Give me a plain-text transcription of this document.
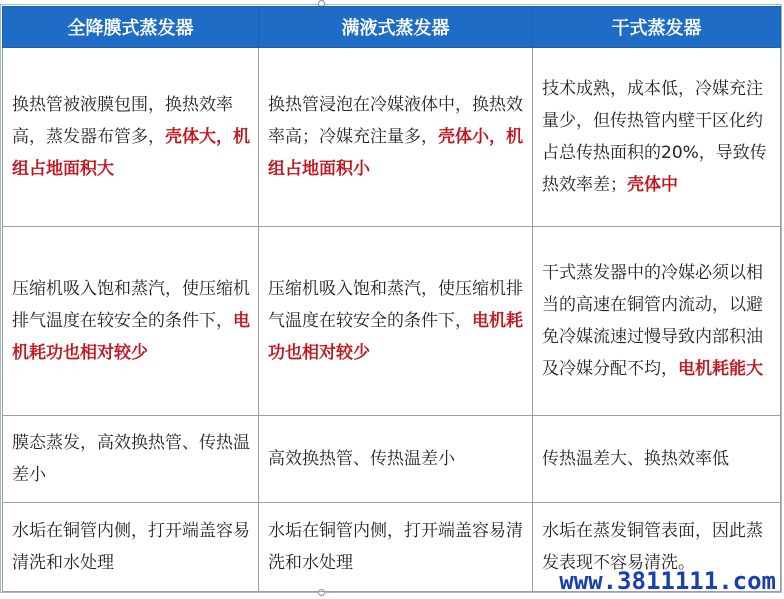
全降膜式蒸发器	满液式蒸发器	干式蒸发器
换热管被液膜包围，换热效率高，蒸发器布管多，壳体大，机组占地面积大	换热管浸泡在冷媒液体中，换热效率高；冷媒充注量多，壳体小，机组占地面积小	技术成熟，成本低，冷媒充注量少，但传热管内壁干区化约占总传热面积的20%，导致传热效率差；壳体中
压缩机吸入饱和蒸汽，使压缩机排气温度在较安全的条件下，电机耗功也相对较少	压缩机吸入饱和蒸汽，使压缩机排气温度在较安全的条件下，电机耗功也相对较少	干式蒸发器中的冷媒必须以相当的高速在铜管内流动，以避免冷媒流速过慢导致内部积油及冷媒分配不均，电机耗能大
膜态蒸发，高效换热管、传热温差小	高效换热管、传热温差小	传热温差大、换热效率低
水垢在铜管内侧，打开端盖容易清洗和水处理	水垢在铜管内侧，打开端盖容易清洗和水处理	水垢在蒸发铜管表面，因此蒸发表现不容易清洗。
www.3811111.com
